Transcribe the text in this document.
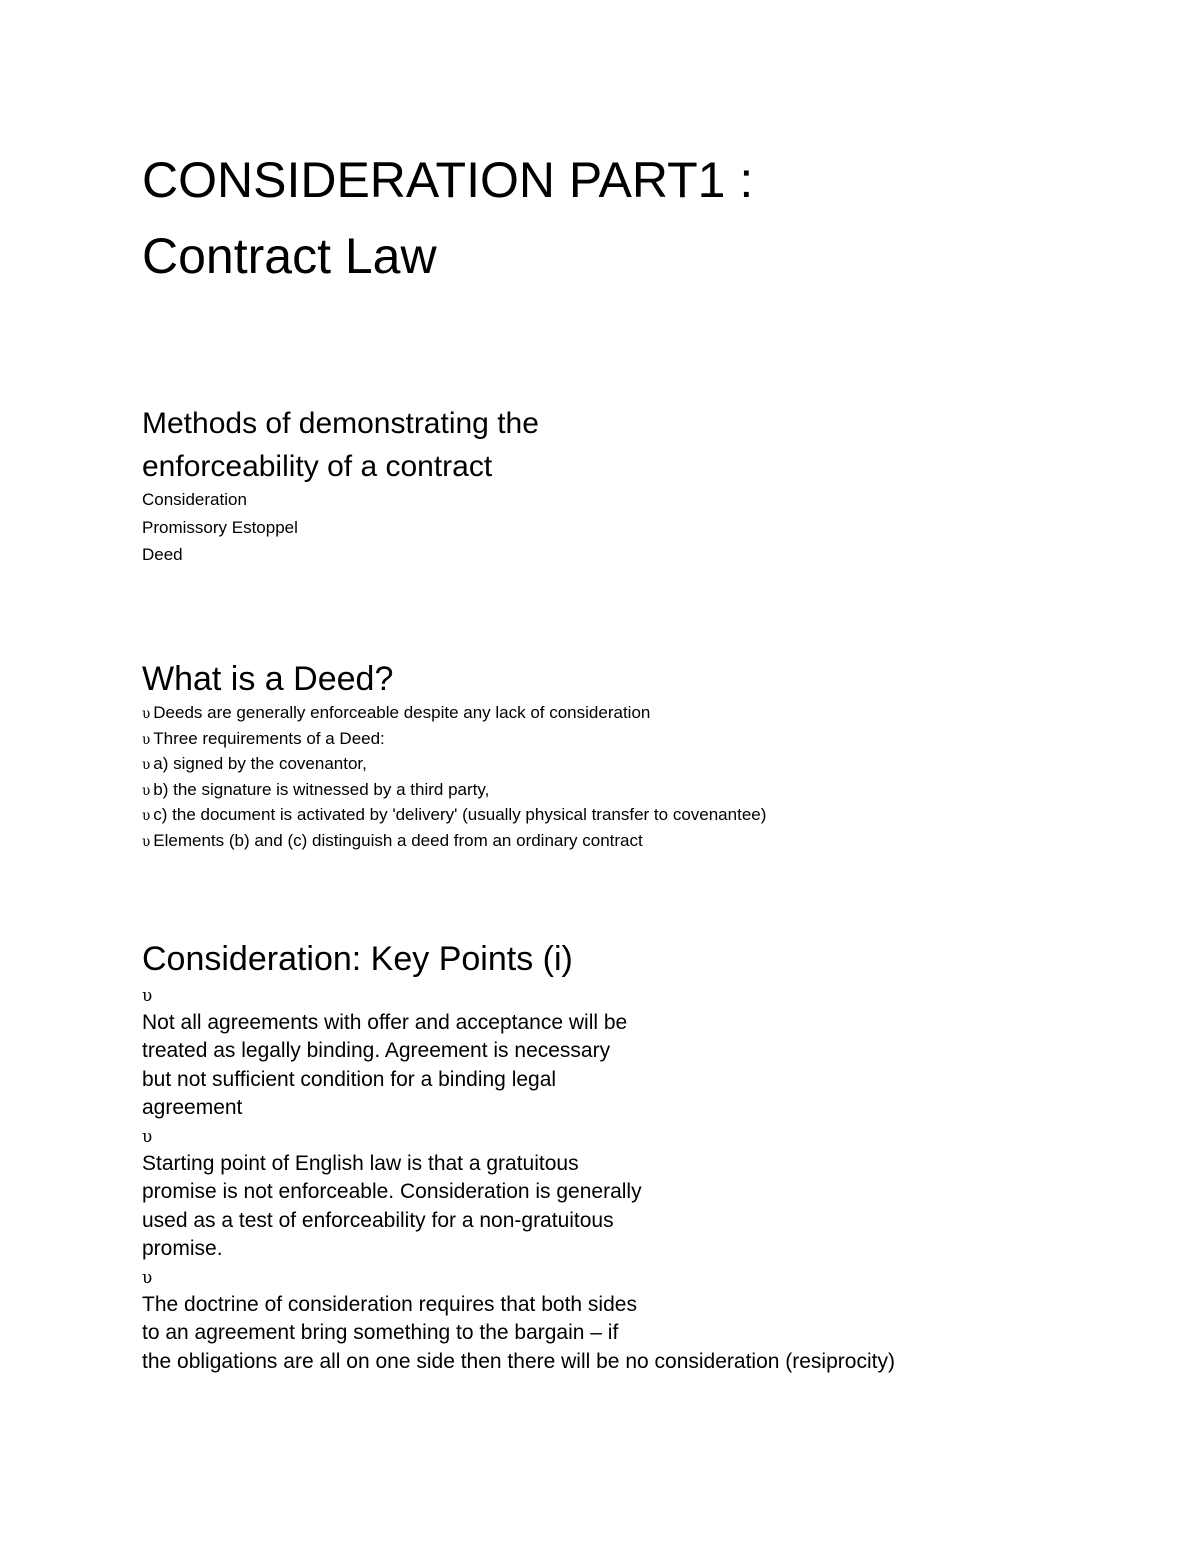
CONSIDERATION PART1 :
Contract Law
Methods of demonstrating the
enforceability of a contract
Consideration
Promissory Estoppel
Deed
What is a Deed?
υ Deeds are generally enforceable despite any lack of consideration
υ Three requirements of a Deed:
υ a) signed by the covenantor,
υ b) the signature is witnessed by a third party,
υ c) the document is activated by 'delivery' (usually physical transfer to covenantee)
υ Elements (b) and (c) distinguish a deed from an ordinary contract
Consideration: Key Points (i)
υ
Not all agreements with offer and acceptance will be
treated as legally binding. Agreement is necessary
but not sufficient condition for a binding legal
agreement
υ
Starting point of English law is that a gratuitous
promise is not enforceable. Consideration is generally
used as a test of enforceability for a non-gratuitous
promise.
υ
The doctrine of consideration requires that both sides
to an agreement bring something to the bargain – if
the obligations are all on one side then there will be no consideration (resiprocity)
